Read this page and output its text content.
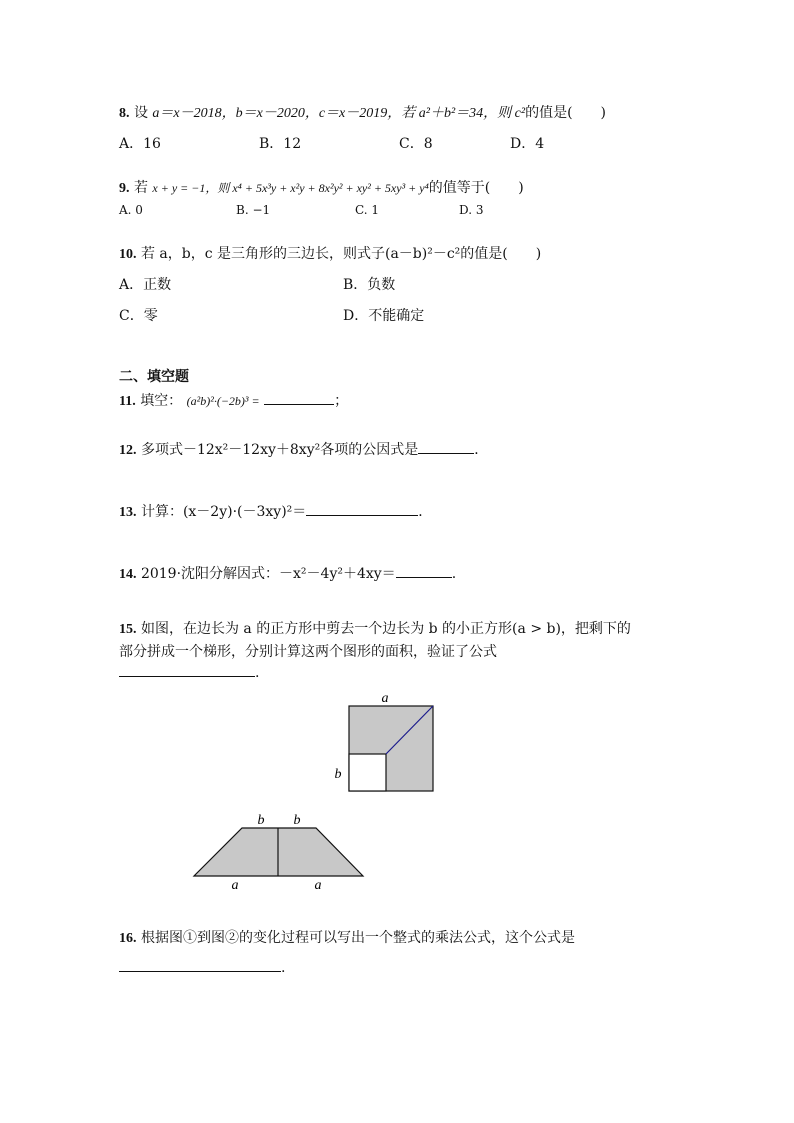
8. 设 a＝x－2018，b＝x－2020，c＝x－2019，若 a²＋b²＝34，则 c²的值是(　　)
A．16	B．12	C．8	D．4
9. 若 x + y = −1，则 x⁴ + 5x³y + x²y + 8x²y² + xy² + 5xy³ + y⁴的值等于(　　)
A. 0	B. −1	C. 1	D. 3
10. 若 a，b，c 是三角形的三边长，则式子(a－b)²－c²的值是(　　)
A．正数	B．负数
C．零	D．不能确定
二、填空题
11. 填空： (a²b)²·(−2b)³ =	；
12. 多项式－12x²－12xy＋8xy²各项的公因式是	．
13. 计算：(x－2y)·(－3xy)²＝	．
14. 2019·沈阳分解因式：－x²－4y²＋4xy＝	.
15. 如图，在边长为 a 的正方形中剪去一个边长为 b 的小正方形(a > b)，把剩下的
部分拼成一个梯形，分别计算这两个图形的面积，验证了公式
.
a
b
b b
a	a
16. 根据图①到图②的变化过程可以写出一个整式的乘法公式，这个公式是
.
